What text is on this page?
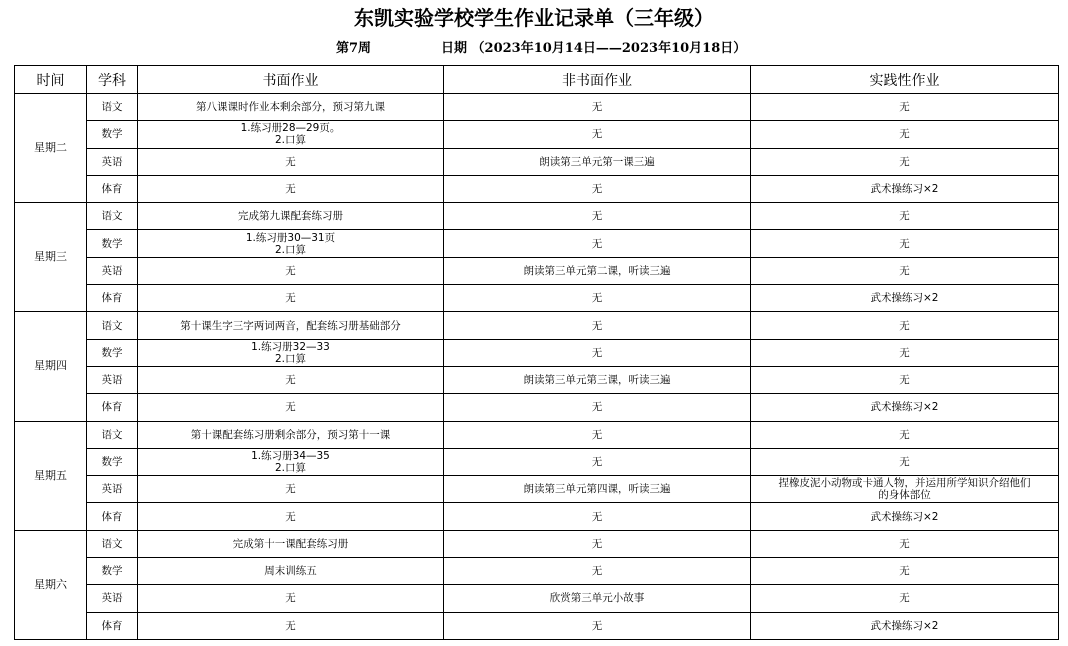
东凯实验学校学生作业记录单（三年级）
第7周	日期 （2023年10月14日——2023年10月18日）
时间	学科	书面作业	非书面作业	实践性作业
星期二	语文	第八课课时作业本剩余部分，预习第九课	无	无

	数学	1.练习册28—29页。
2.口算	无	无

	英语	无	朗读第三单元第一课三遍	无

	体育	无	无	武术操练习×2

星期三	语文	完成第九课配套练习册	无	无

	数学	1.练习册30—31页
2.口算	无	无

	英语	无	朗读第三单元第二课，听读三遍	无

	体育	无	无	武术操练习×2

星期四	语文	第十课生字三字两词两音，配套练习册基础部分	无	无

	数学	1.练习册32—33
2.口算	无	无

	英语	无	朗读第三单元第三课，听读三遍	无

	体育	无	无	武术操练习×2

星期五	语文	第十课配套练习册剩余部分，预习第十一课	无	无

	数学	1.练习册34—35
2.口算	无	无

	英语	无	朗读第三单元第四课，听读三遍	捏橡皮泥小动物或卡通人物，并运用所学知识介绍他们
的身体部位

	体育	无	无	武术操练习×2

星期六	语文	完成第十一课配套练习册	无	无

	数学	周末训练五	无	无

	英语	无	欣赏第三单元小故事	无

	体育	无	无	武术操练习×2
